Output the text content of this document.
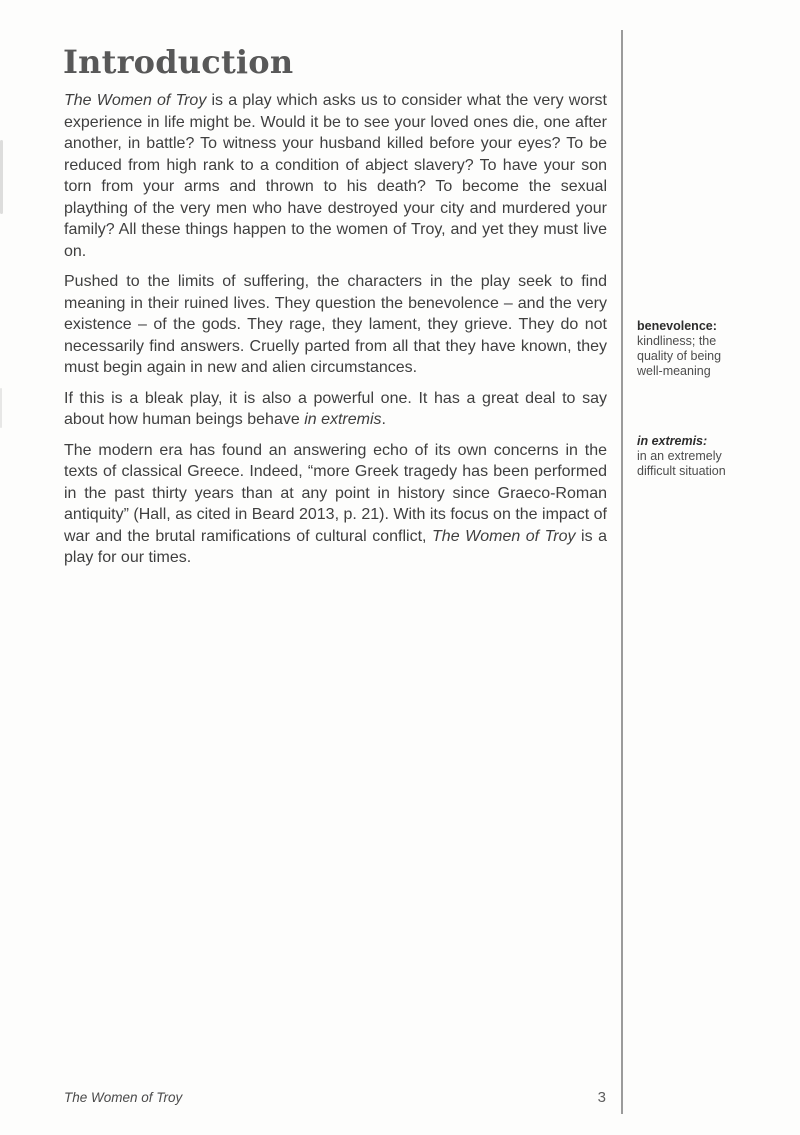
Introduction

The Women of Troy is a play which asks us to consider what the very worst experience in life might be. Would it be to see your loved ones die, one after another, in battle? To witness your husband killed before your eyes? To be reduced from high rank to a condition of abject slavery? To have your son torn from your arms and thrown to his death? To become the sexual plaything of the very men who have destroyed your city and murdered your family? All these things happen to the women of Troy, and yet they must live on.

Pushed to the limits of suffering, the characters in the play seek to find meaning in their ruined lives. They question the benevolence – and the very existence – of the gods. They rage, they lament, they grieve. They do not necessarily find answers. Cruelly parted from all that they have known, they must begin again in new and alien circumstances.

If this is a bleak play, it is also a powerful one. It has a great deal to say about how human beings behave in extremis.

The modern era has found an answering echo of its own concerns in the texts of classical Greece. Indeed, “more Greek tragedy has been performed in the past thirty years than at any point in history since Graeco-Roman antiquity” (Hall, as cited in Beard 2013, p. 21). With its focus on the impact of war and the brutal ramifications of cultural conflict, The Women of Troy is a play for our times.

benevolence:
kindliness; the quality of being well-meaning
in extremis:
in an extremely difficult situation
The Women of Troy	3
